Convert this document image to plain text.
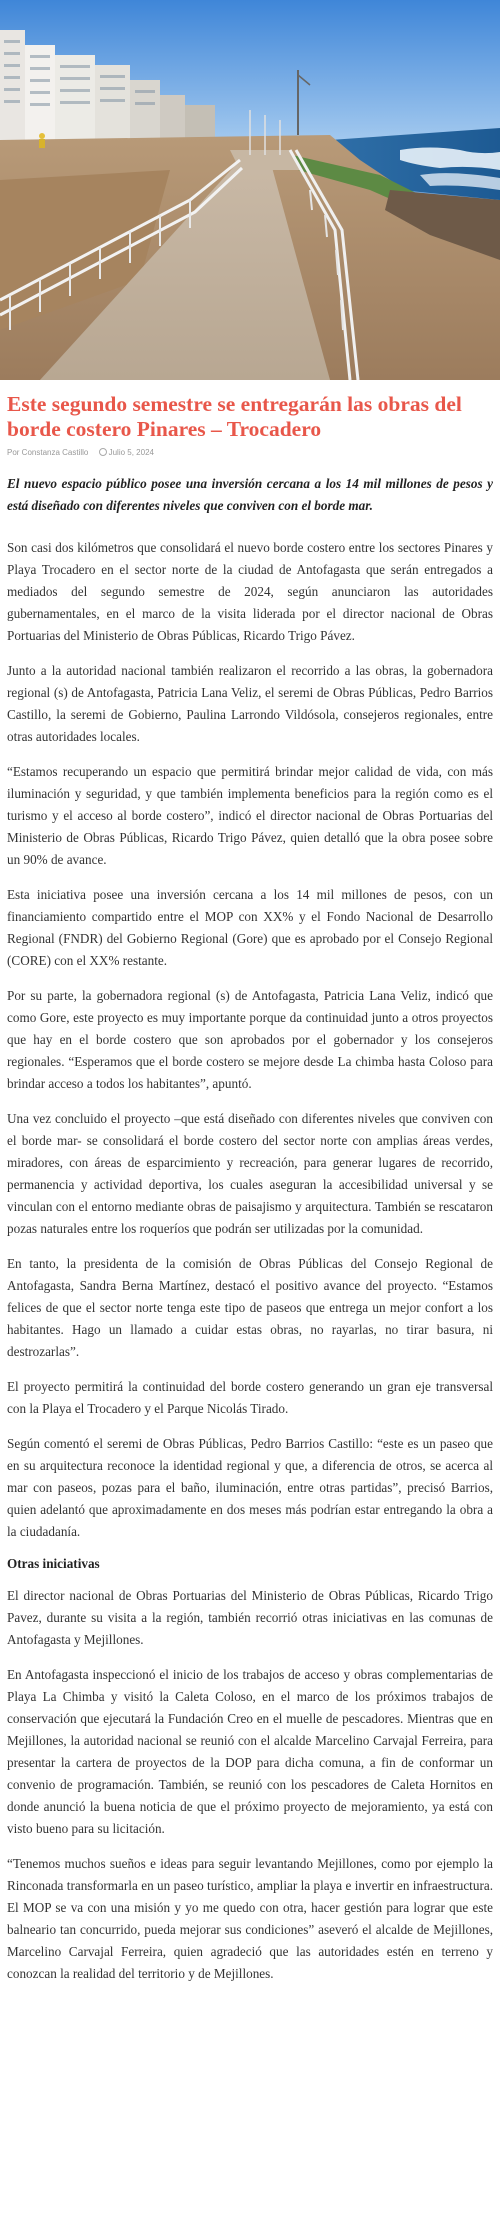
Este segundo semestre se entregarán las obras del borde costero Pinares – Trocadero
Por Constanza Castillo	Julio 5, 2024

El nuevo espacio público posee una inversión cercana a los 14 mil millones de pesos y está diseñado con diferentes niveles que conviven con el borde mar.

Son casi dos kilómetros que consolidará el nuevo borde costero entre los sectores Pinares y Playa Trocadero en el sector norte de la ciudad de Antofagasta que serán entregados a mediados del segundo semestre de 2024, según anunciaron las autoridades gubernamentales, en el marco de la visita liderada por el director nacional de Obras Portuarias del Ministerio de Obras Públicas, Ricardo Trigo Pávez.

Junto a la autoridad nacional también realizaron el recorrido a las obras, la gobernadora regional (s) de Antofagasta, Patricia Lana Veliz, el seremi de Obras Públicas, Pedro Barrios Castillo, la seremi de Gobierno, Paulina Larrondo Vildósola, consejeros regionales, entre otras autoridades locales.

“Estamos recuperando un espacio que permitirá brindar mejor calidad de vida, con más iluminación y seguridad, y que también implementa beneficios para la región como es el turismo y el acceso al borde costero”, indicó el director nacional de Obras Portuarias del Ministerio de Obras Públicas, Ricardo Trigo Pávez, quien detalló que la obra posee sobre un 90% de avance.

Esta iniciativa posee una inversión cercana a los 14 mil millones de pesos, con un financiamiento compartido entre el MOP con XX% y el Fondo Nacional de Desarrollo Regional (FNDR) del Gobierno Regional (Gore) que es aprobado por el Consejo Regional (CORE) con el XX% restante.

Por su parte, la gobernadora regional (s) de Antofagasta, Patricia Lana Veliz, indicó que como Gore, este proyecto es muy importante porque da continuidad junto a otros proyectos que hay en el borde costero que son aprobados por el gobernador y los consejeros regionales. “Esperamos que el borde costero se mejore desde La chimba hasta Coloso para brindar acceso a todos los habitantes”, apuntó.

Una vez concluido el proyecto –que está diseñado con diferentes niveles que conviven con el borde mar- se consolidará el borde costero del sector norte con amplias áreas verdes, miradores, con áreas de esparcimiento y recreación, para generar lugares de recorrido, permanencia y actividad deportiva, los cuales aseguran la accesibilidad universal y se vinculan con el entorno mediante obras de paisajismo y arquitectura. También se rescataron pozas naturales entre los roqueríos que podrán ser utilizadas por la comunidad.

En tanto, la presidenta de la comisión de Obras Públicas del Consejo Regional de Antofagasta, Sandra Berna Martínez, destacó el positivo avance del proyecto. “Estamos felices de que el sector norte tenga este tipo de paseos que entrega un mejor confort a los habitantes. Hago un llamado a cuidar estas obras, no rayarlas, no tirar basura, ni destrozarlas”.

El proyecto permitirá la continuidad del borde costero generando un gran eje transversal con la Playa el Trocadero y el Parque Nicolás Tirado.

Según comentó el seremi de Obras Públicas, Pedro Barrios Castillo: “este es un paseo que en su arquitectura reconoce la identidad regional y que, a diferencia de otros, se acerca al mar con paseos, pozas para el baño, iluminación, entre otras partidas”, precisó Barrios, quien adelantó que aproximadamente en dos meses más podrían estar entregando la obra a la ciudadanía.

Otras iniciativas

El director nacional de Obras Portuarias del Ministerio de Obras Públicas, Ricardo Trigo Pavez, durante su visita a la región, también recorrió otras iniciativas en las comunas de Antofagasta y Mejillones.

En Antofagasta inspeccionó el inicio de los trabajos de acceso y obras complementarias de Playa La Chimba y visitó la Caleta Coloso, en el marco de los próximos trabajos de conservación que ejecutará la Fundación Creo en el muelle de pescadores. Mientras que en Mejillones, la autoridad nacional se reunió con el alcalde Marcelino Carvajal Ferreira, para presentar la cartera de proyectos de la DOP para dicha comuna, a fin de conformar un convenio de programación. También, se reunió con los pescadores de Caleta Hornitos en donde anunció la buena noticia de que el próximo proyecto de mejoramiento, ya está con visto bueno para su licitación.

“Tenemos muchos sueños e ideas para seguir levantando Mejillones, como por ejemplo la Rinconada transformarla en un paseo turístico, ampliar la playa e invertir en infraestructura. El MOP se va con una misión y yo me quedo con otra, hacer gestión para lograr que este balneario tan concurrido, pueda mejorar sus condiciones” aseveró el alcalde de Mejillones, Marcelino Carvajal Ferreira, quien agradeció que las autoridades estén en terreno y conozcan la realidad del territorio y de Mejillones.
